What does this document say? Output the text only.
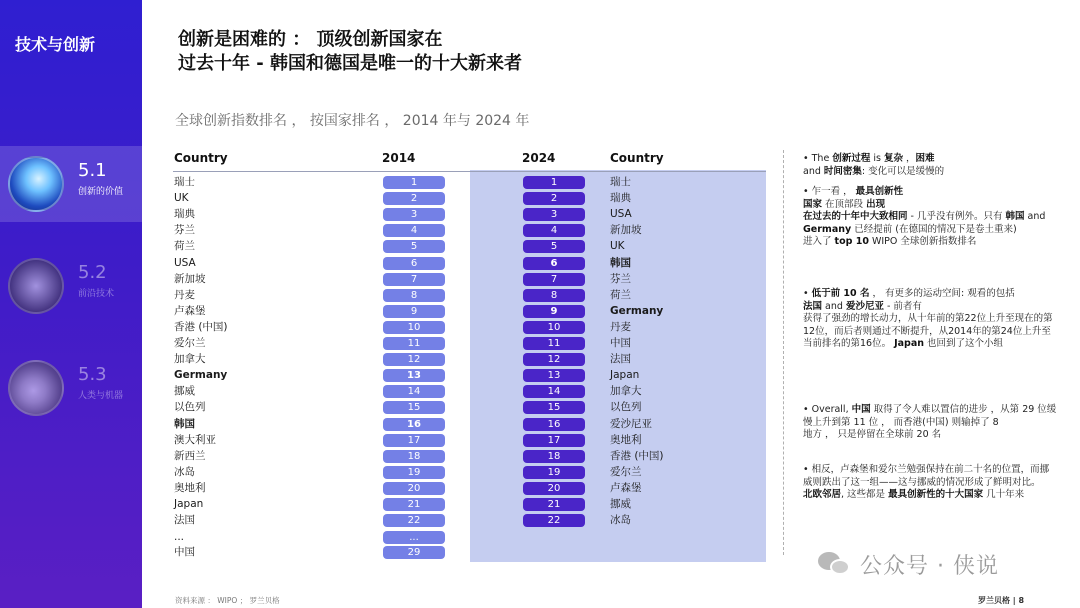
技术与创新
5.1
创新的价值
5.2
前沿技术
5.3
人类与机器
创新是困难的 ： 顶级创新国家在
过去十年 - 韩国和德国是唯一的十大新来者
全球创新指数排名 ， 按国家排名 ， 2014 年与 2024 年
Country	2014	2024	Country
瑞士	1	1	瑞士
UK	2	2	瑞典
瑞典	3	3	USA
芬兰	4	4	新加坡
荷兰	5	5	UK
USA	6	6	韩国
新加坡	7	7	芬兰
丹麦	8	8	荷兰
卢森堡	9	9	Germany
香港 (中国)	10	10	丹麦
爱尔兰	11	11	中国
加拿大	12	12	法国
Germany	13	13	Japan
挪威	14	14	加拿大
以色列	15	15	以色列
韩国	16	16	爱沙尼亚
澳大利亚	17	17	奥地利
新西兰	18	18	香港 (中国)
冰岛	19	19	爱尔兰
奥地利	20	20	卢森堡
Japan	21	21	挪威
法国	22	22	冰岛
...	...
中国	29
• The 创新过程 is 复杂 ，困难
and 时间密集: 变化可以是缓慢的
• 乍一看 ， 最具创新性
国家 在顶部段 出现
在过去的十年中大致相同 - 几乎没有例外。只有 韩国 and
Germany 已经提前 (在德国的情况下是卷土重来)
进入了 top 10 WIPO 全球创新指数排名
• 低于前 10 名 ， 有更多的运动空间: 观看的包括
法国 and 爱沙尼亚 - 前者有
获得了强劲的增长动力，从十年前的第22位上升至现在的第12位，而后者则通过不断提升，从2014年的第24位上升至当前排名的第16位。 Japan 也回到了这个小组
• Overall, 中国 取得了令人难以置信的进步 ，从第 29 位缓慢上升到第 11 位 ， 而香港(中国) 则输掉了 8
地方 ， 只是停留在全球前 20 名
• 相反，卢森堡和爱尔兰勉强保持在前二十名的位置，而挪威则跌出了这一组——这与挪威的情况形成了鲜明对比。
北欧邻居, 这些都是 最具创新性的十大国家 几十年来
公众号 · 侠说
资料来源 ： WIPO ； 罗兰贝格	罗兰贝格 | 8
